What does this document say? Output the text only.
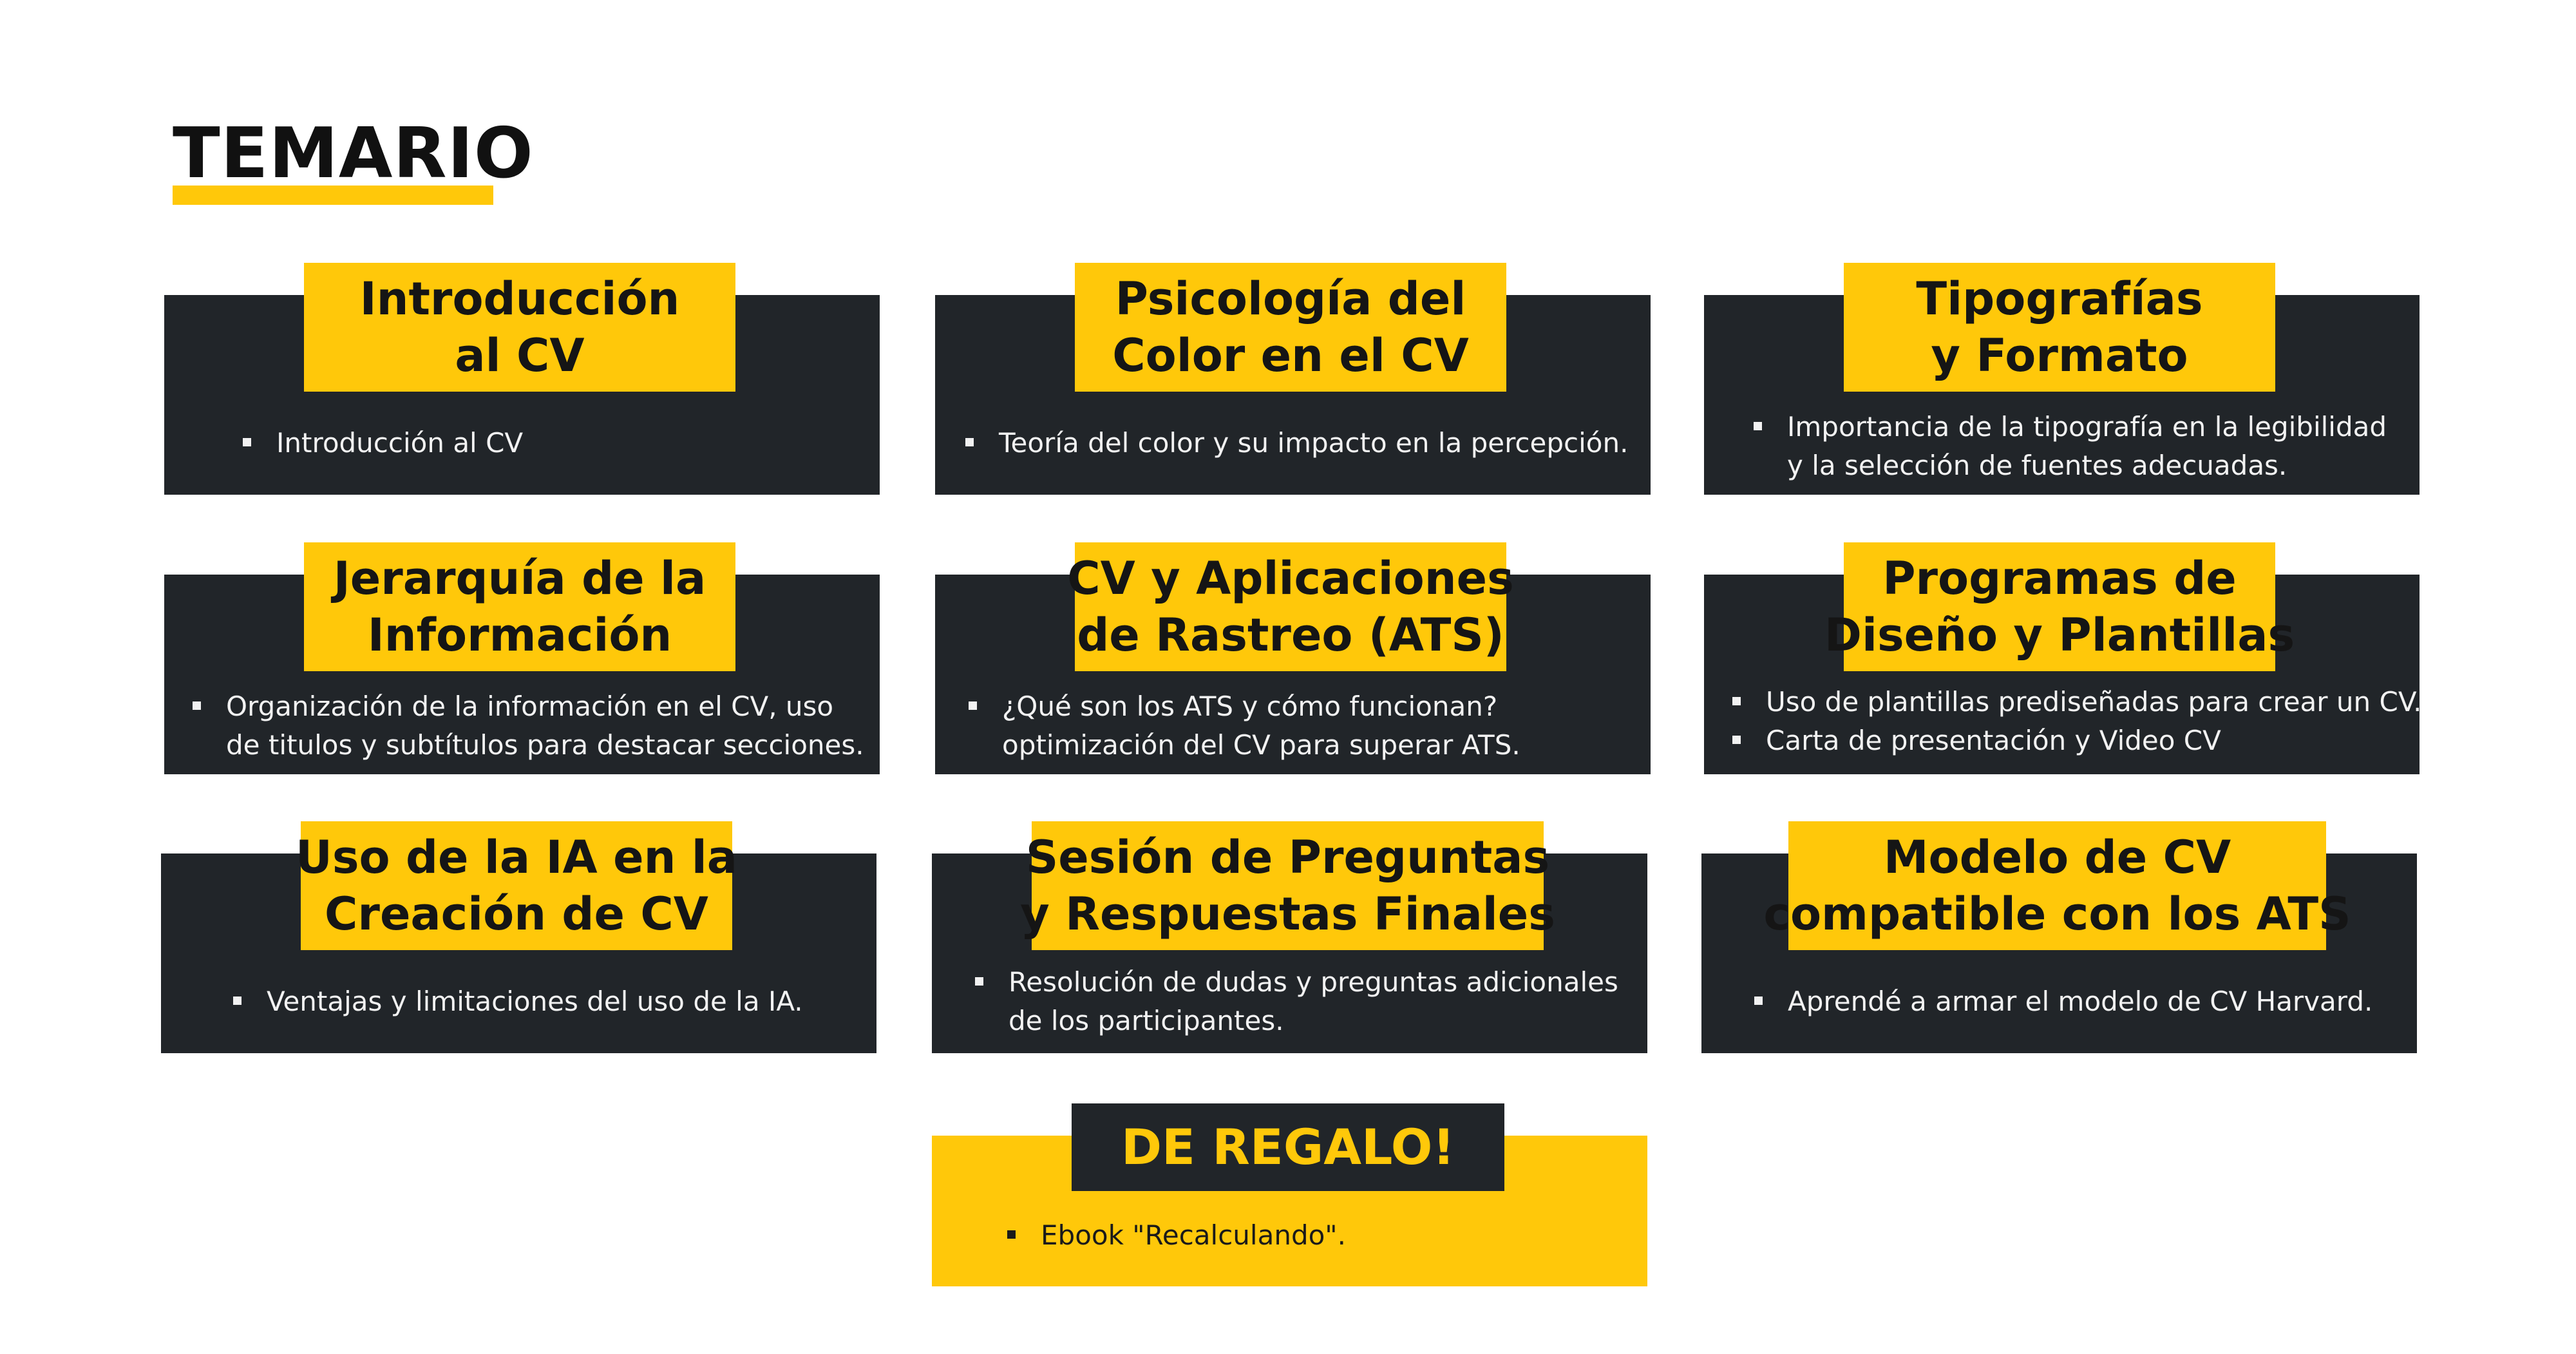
TEMARIO
Introducción
al CV
Introducción al CV
Psicología del
Color en el CV
Teoría del color y su impacto en la percepción.
Tipografías
y Formato
Importancia de la tipografía en la legibilidad
y la selección de fuentes adecuadas.
Jerarquía de la
Información
Organización de la información en el CV, uso
de titulos y subtítulos para destacar secciones.
CV y Aplicaciones
de Rastreo (ATS)
¿Qué son los ATS y cómo funcionan?
optimización del CV para superar ATS.
Programas de
Diseño y Plantillas
Uso de plantillas prediseñadas para crear un CV.
Carta de presentación y Video CV
Uso de la IA en la
Creación de CV
Ventajas y limitaciones del uso de la IA.
Sesión de Preguntas
y Respuestas Finales
Resolución de dudas y preguntas adicionales
de los participantes.
Modelo de CV
compatible con los ATS
Aprendé a armar el modelo de CV Harvard.
DE REGALO!
Ebook "Recalculando".
